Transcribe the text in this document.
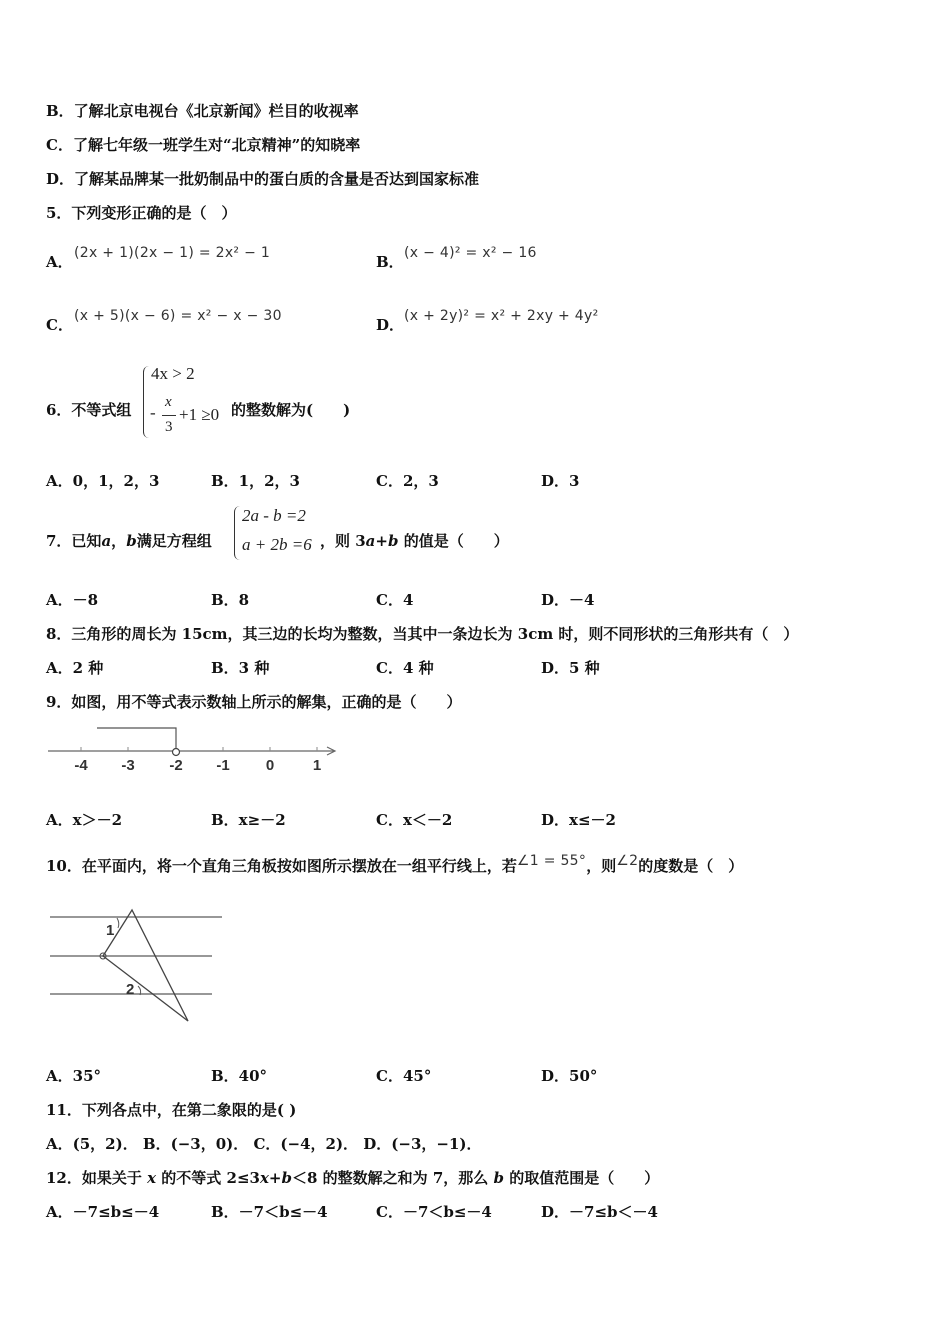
B．了解北京电视台《北京新闻》栏目的收视率
C．了解七年级一班学生对“北京精神”的知晓率
D．了解某品牌某一批奶制品中的蛋白质的含量是否达到国家标准
5．下列变形正确的是（　）
A． (2x + 1)(2x − 1) = 2x² − 1	B． (x − 4)² = x² − 16
C． (x + 5)(x − 6) = x² − x − 30	D． (x + 2y)² = x² + 2xy + 4y²
6．不等式组
4x > 2
-
x
3
+1 ≥0 的整数解为(　　)
A．0，1，2，3	B．1，2，3	C．2，3	D．3
7．已知a，b满足方程组
2a - b =2
a + 2b =6 ，则 3a+b 的值是（　　）
A．－8	B．8	C．4	D．－4
8．三角形的周长为 15cm，其三边的长均为整数，当其中一条边长为 3cm 时，则不同形状的三角形共有（　）
A．2 种	B．3 种	C．4 种	D．5 种
9．如图，用不等式表示数轴上所示的解集，正确的是（　　）
-4 -3 -2 -1 0	1
A．x＞－2	B．x≥－2	C．x＜－2	D．x≤－2
10．在平面内，将一个直角三角板按如图所示摆放在一组平行线上，若∠1 = 55°，则∠2的度数是（　）
1
2
A．35°	B．40°	C．45°	D．50°
11．下列各点中，在第二象限的是( )
A．(5，2)． B．(−3，0)． C．(−4，2)． D．(−3，−1)．
12．如果关于 x 的不等式 2≤3x+b＜8 的整数解之和为 7，那么 b 的取值范围是（　　）
A．－7≤b≤－4	B．－7＜b≤－4	C．－7＜b≤－4	D．－7≤b＜－4
